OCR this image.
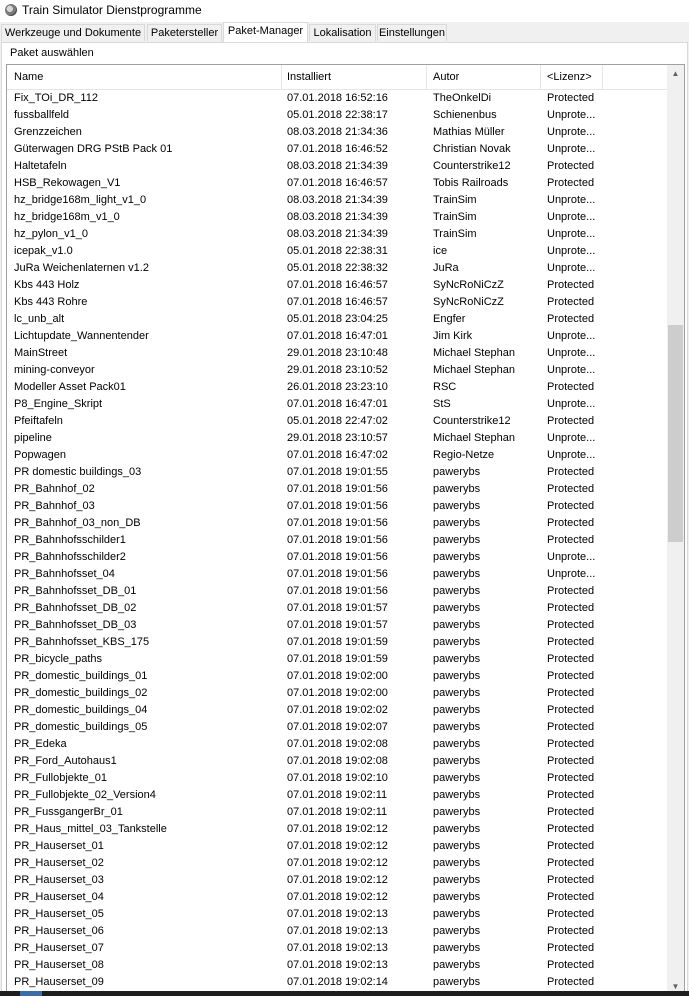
Train Simulator Dienstprogramme
Werkzeuge und Dokumente Paketersteller Paket-Manager Lokalisation Einstellungen
Paket auswählen
Name	Installiert	Autor	<Lizenz>
Fix_TOi_DR_112	07.01.2018 16:52:16	TheOnkelDi	Protected
fussballfeld	05.01.2018 22:38:17	Schienenbus	Unprote...
Grenzzeichen	08.03.2018 21:34:36	Mathias Müller	Unprote...
Güterwagen DRG PStB Pack 01	07.01.2018 16:46:52	Christian Novak	Unprote...
Haltetafeln	08.03.2018 21:34:39	Counterstrike12	Protected
HSB_Rekowagen_V1	07.01.2018 16:46:57	Tobis Railroads	Protected
hz_bridge168m_light_v1_0	08.03.2018 21:34:39	TrainSim	Unprote...
hz_bridge168m_v1_0	08.03.2018 21:34:39	TrainSim	Unprote...
hz_pylon_v1_0	08.03.2018 21:34:39	TrainSim	Unprote...
icepak_v1.0	05.01.2018 22:38:31	ice	Unprote...
JuRa Weichenlaternen v1.2	05.01.2018 22:38:32	JuRa	Unprote...
Kbs 443 Holz	07.01.2018 16:46:57	SyNcRoNiCzZ	Protected
Kbs 443 Rohre	07.01.2018 16:46:57	SyNcRoNiCzZ	Protected
lc_unb_alt	05.01.2018 23:04:25	Engfer	Protected
Lichtupdate_Wannentender	07.01.2018 16:47:01	Jim Kirk	Unprote...
MainStreet	29.01.2018 23:10:48	Michael Stephan	Unprote...
mining-conveyor	29.01.2018 23:10:52	Michael Stephan	Unprote...
Modeller Asset Pack01	26.01.2018 23:23:10	RSC	Protected
P8_Engine_Skript	07.01.2018 16:47:01	StS	Unprote...
Pfeiftafeln	05.01.2018 22:47:02	Counterstrike12	Protected
pipeline	29.01.2018 23:10:57	Michael Stephan	Unprote...
Popwagen	07.01.2018 16:47:02	Regio-Netze	Unprote...
PR domestic buildings_03	07.01.2018 19:01:55	pawerybs	Protected
PR_Bahnhof_02	07.01.2018 19:01:56	pawerybs	Protected
PR_Bahnhof_03	07.01.2018 19:01:56	pawerybs	Protected
PR_Bahnhof_03_non_DB	07.01.2018 19:01:56	pawerybs	Protected
PR_Bahnhofsschilder1	07.01.2018 19:01:56	pawerybs	Protected
PR_Bahnhofsschilder2	07.01.2018 19:01:56	pawerybs	Unprote...
PR_Bahnhofsset_04	07.01.2018 19:01:56	pawerybs	Unprote...
PR_Bahnhofsset_DB_01	07.01.2018 19:01:56	pawerybs	Protected
PR_Bahnhofsset_DB_02	07.01.2018 19:01:57	pawerybs	Protected
PR_Bahnhofsset_DB_03	07.01.2018 19:01:57	pawerybs	Protected
PR_Bahnhofsset_KBS_175	07.01.2018 19:01:59	pawerybs	Protected
PR_bicycle_paths	07.01.2018 19:01:59	pawerybs	Protected
PR_domestic_buildings_01	07.01.2018 19:02:00	pawerybs	Protected
PR_domestic_buildings_02	07.01.2018 19:02:00	pawerybs	Protected
PR_domestic_buildings_04	07.01.2018 19:02:02	pawerybs	Protected
PR_domestic_buildings_05	07.01.2018 19:02:07	pawerybs	Protected
PR_Edeka	07.01.2018 19:02:08	pawerybs	Protected
PR_Ford_Autohaus1	07.01.2018 19:02:08	pawerybs	Protected
PR_Fullobjekte_01	07.01.2018 19:02:10	pawerybs	Protected
PR_Fullobjekte_02_Version4	07.01.2018 19:02:11	pawerybs	Protected
PR_FussgangerBr_01	07.01.2018 19:02:11	pawerybs	Protected
PR_Haus_mittel_03_Tankstelle	07.01.2018 19:02:12	pawerybs	Protected
PR_Hauserset_01	07.01.2018 19:02:12	pawerybs	Protected
PR_Hauserset_02	07.01.2018 19:02:12	pawerybs	Protected
PR_Hauserset_03	07.01.2018 19:02:12	pawerybs	Protected
PR_Hauserset_04	07.01.2018 19:02:12	pawerybs	Protected
PR_Hauserset_05	07.01.2018 19:02:13	pawerybs	Protected
PR_Hauserset_06	07.01.2018 19:02:13	pawerybs	Protected
PR_Hauserset_07	07.01.2018 19:02:13	pawerybs	Protected
PR_Hauserset_08	07.01.2018 19:02:13	pawerybs	Protected
PR_Hauserset_09	07.01.2018 19:02:14	pawerybs	Protected
▲
▼
